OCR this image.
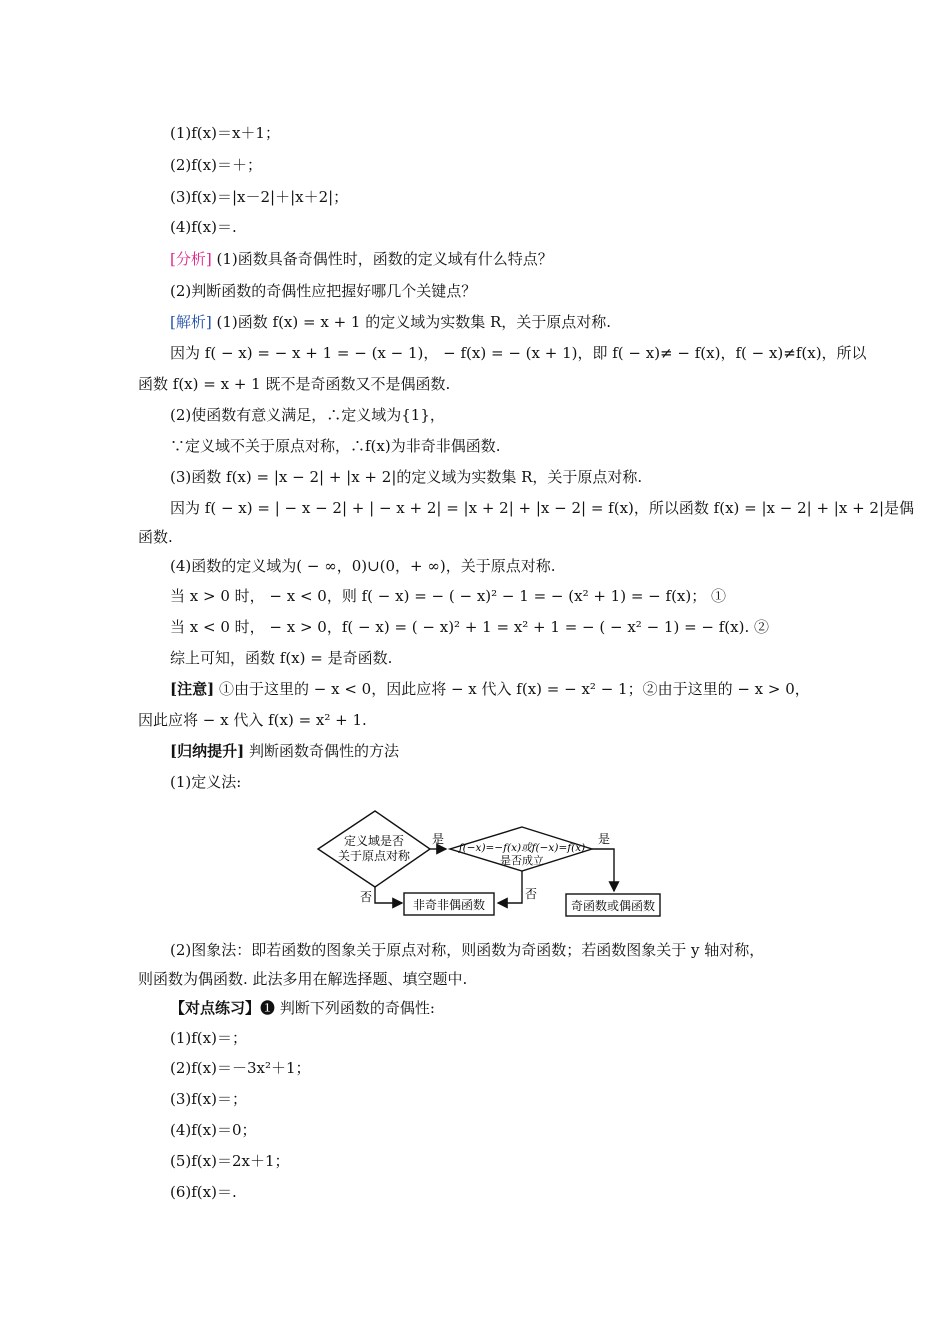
(1)f(x)＝x＋1；
(2)f(x)＝＋；
(3)f(x)＝|x－2|＋|x＋2|；
(4)f(x)＝.
[分析] (1)函数具备奇偶性时，函数的定义域有什么特点？
(2)判断函数的奇偶性应把握好哪几个关键点？
[解析] (1)函数 f(x) = x + 1 的定义域为实数集 R，关于原点对称.
因为 f( − x) = − x + 1 = − (x − 1)， − f(x) = − (x + 1)，即 f( − x)≠ − f(x)，f( − x)≠f(x)，所以
函数 f(x) = x + 1 既不是奇函数又不是偶函数.
(2)使函数有意义满足，∴定义域为{1}，
∵定义域不关于原点对称，∴f(x)为非奇非偶函数.
(3)函数 f(x) = |x − 2| + |x + 2|的定义域为实数集 R，关于原点对称.
因为 f( − x) = | − x − 2| + | − x + 2| = |x + 2| + |x − 2| = f(x)，所以函数 f(x) = |x − 2| + |x + 2|是偶
函数.
(4)函数的定义域为( − ∞，0)∪(0，+ ∞)，关于原点对称.
当 x > 0 时， − x < 0，则 f( − x) = − ( − x)² − 1 = − (x² + 1) = − f(x)； ①
当 x < 0 时， − x > 0，f( − x) = ( − x)² + 1 = x² + 1 = − ( − x² − 1) = − f(x). ②
综上可知，函数 f(x) = 是奇函数.
[注意] ①由于这里的 − x < 0，因此应将 − x 代入 f(x) = − x² − 1；②由于这里的 − x > 0，
因此应将 − x 代入 f(x) = x² + 1.
[归纳提升] 判断函数奇偶性的方法
(1)定义法:
定义域是否
关于原点对称
是
f(−x)=−f(x)或f(−x)=f(x)
是否成立
是
否
非奇非偶函数
否
奇函数或偶函数
(2)图象法：即若函数的图象关于原点对称，则函数为奇函数；若函数图象关于 y 轴对称，
则函数为偶函数. 此法多用在解选择题、填空题中.
【对点练习】❶ 判断下列函数的奇偶性:
(1)f(x)＝；
(2)f(x)＝－3x²＋1；
(3)f(x)＝；
(4)f(x)＝0；
(5)f(x)＝2x＋1；
(6)f(x)＝.
